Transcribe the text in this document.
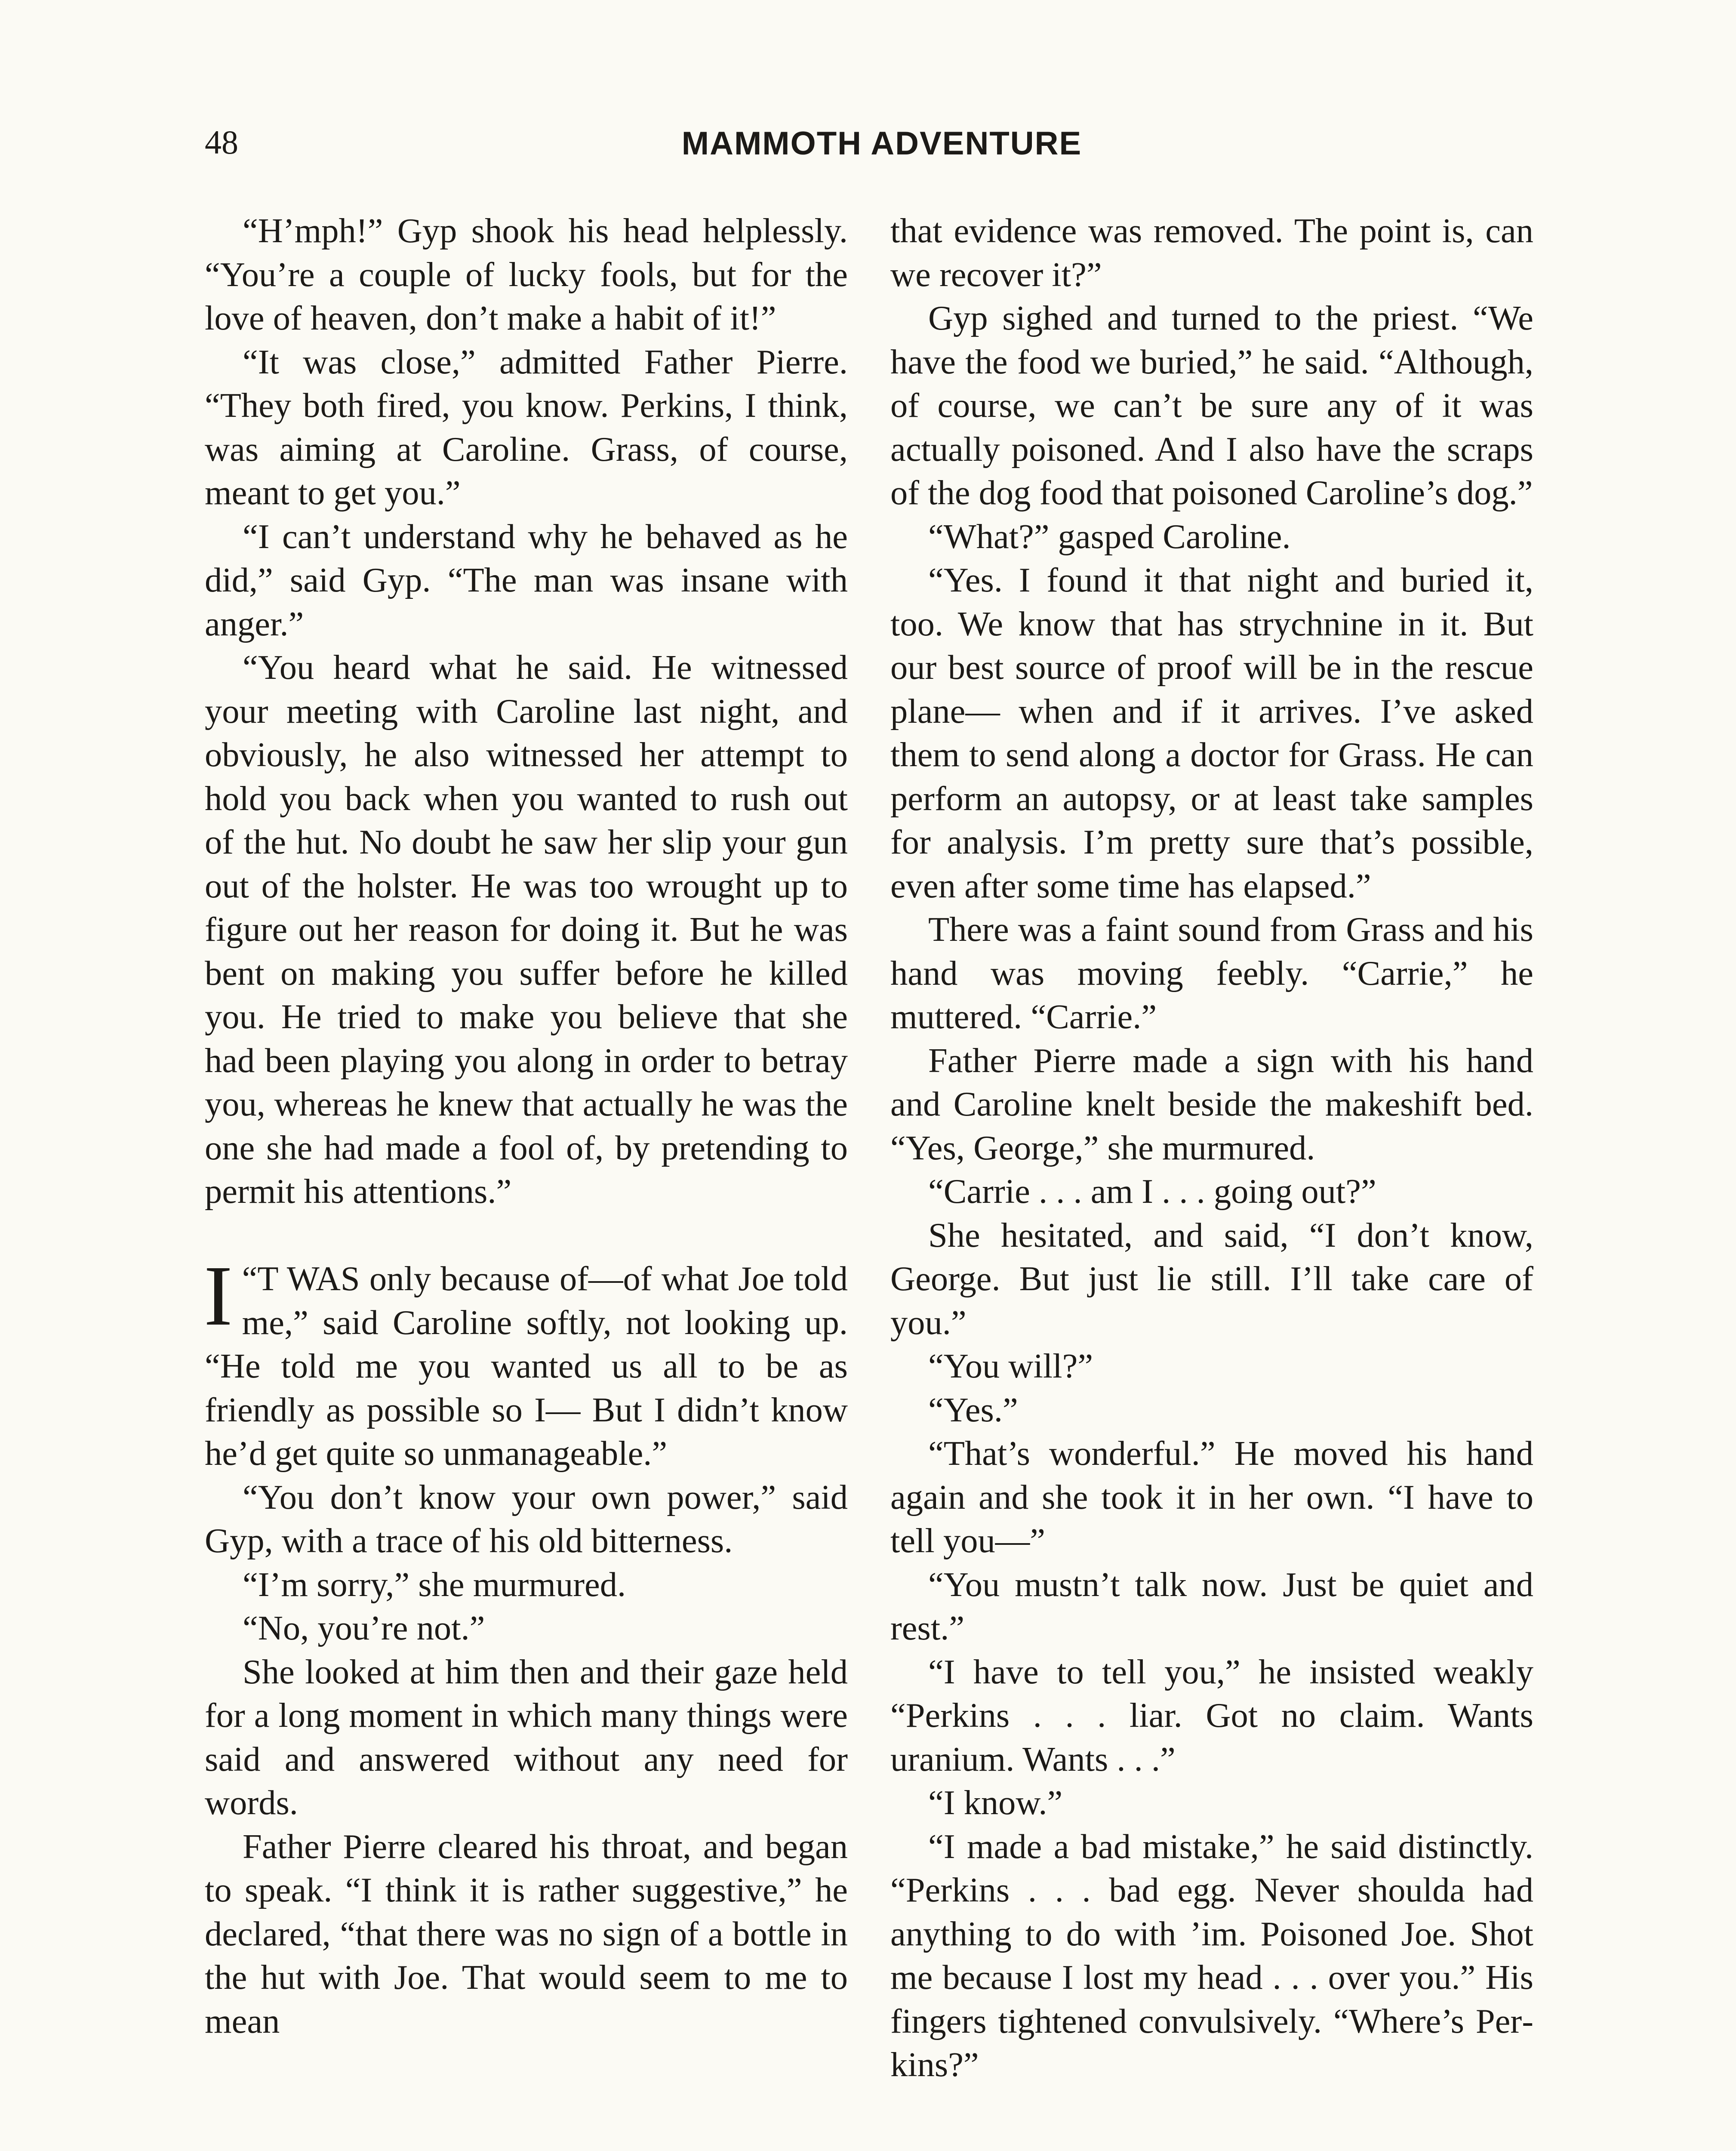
48	MAMMOTH ADVENTURE

“H’mph!” Gyp shook his head helplessly. “You’re a couple of lucky fools, but for the love of heaven, don’t make a habit of it!”

“It was close,” admitted Father Pierre. “They both fired, you know. Perkins, I think, was aiming at Caroline. Grass, of course, meant to get you.”

“I can’t understand why he behaved as he did,” said Gyp. “The man was insane with anger.”

“You heard what he said. He witnessed your meeting with Caroline last night, and obviously, he also witnessed her attempt to hold you back when you wanted to rush out of the hut. No doubt he saw her slip your gun out of the holster. He was too wrought up to figure out her reason for doing it. But he was bent on making you suffer before he killed you. He tried to make you believe that she had been playing you along in order to betray you, whereas he knew that actually he was the one she had made a fool of, by pretending to permit his attentions.”

“
I T WAS only because of—of what Joe told me,” said Caroline softly, not looking up. “He told me you wanted us all to be as friendly as possible so I— But I didn’t know he’d get quite so unmanageable.”

“You don’t know your own power,” said Gyp, with a trace of his old bitterness.

“I’m sorry,” she murmured.

“No, you’re not.”

She looked at him then and their gaze held for a long moment in which many things were said and answered without any need for words.

Father Pierre cleared his throat, and began to speak. “I think it is rather suggestive,” he declared, “that there was no sign of a bottle in the hut with Joe. That would seem to me to mean

that evidence was removed. The point is, can we recover it?”

Gyp sighed and turned to the priest. “We have the food we buried,” he said. “Although, of course, we can’t be sure any of it was actually poisoned. And I also have the scraps of the dog food that poisoned Caroline’s dog.”

“What?” gasped Caroline.

“Yes. I found it that night and buried it, too. We know that has strychnine in it. But our best source of proof will be in the rescue plane— when and if it arrives. I’ve asked them to send along a doctor for Grass. He can perform an autopsy, or at least take samples for analysis. I’m pretty sure that’s possible, even after some time has elapsed.”

There was a faint sound from Grass and his hand was moving feebly. “Carrie,” he muttered. “Carrie.”

Father Pierre made a sign with his hand and Caroline knelt beside the makeshift bed. “Yes, George,” she murmured.

“Carrie . . . am I . . . going out?”

She hesitated, and said, “I don’t know, George. But just lie still. I’ll take care of you.”

“You will?”

“Yes.”

“That’s wonderful.” He moved his hand again and she took it in her own. “I have to tell you—”

“You mustn’t talk now. Just be quiet and rest.”

“I have to tell you,” he insisted weakly “Perkins . . . liar. Got no claim. Wants uranium. Wants . . .”

“I know.”

“I made a bad mistake,” he said distinctly. “Perkins . . . bad egg. Never shoulda had anything to do with ’im. Poisoned Joe. Shot me because I lost my head . . . over you.” His fingers tightened convulsively. “Where’s Perkins?”
